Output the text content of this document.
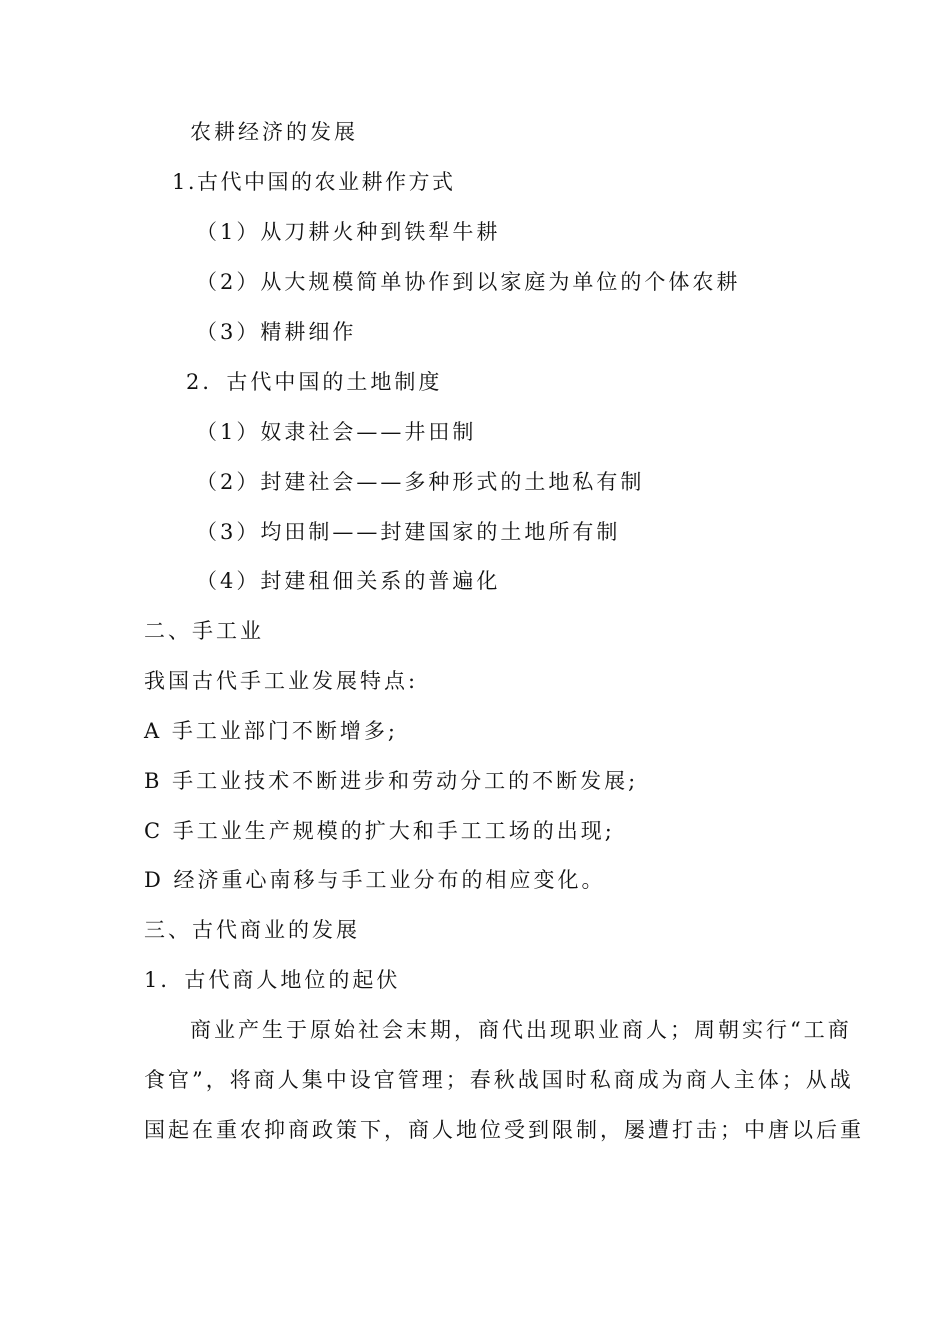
农耕经济的发展
1.古代中国的农业耕作方式
（1）从刀耕火种到铁犁牛耕
（2）从大规模简单协作到以家庭为单位的个体农耕
（3）精耕细作
2．古代中国的土地制度
（1）奴隶社会——井田制
（2）封建社会——多种形式的土地私有制
（3）均田制——封建国家的土地所有制
（4）封建租佃关系的普遍化
二、手工业
我国古代手工业发展特点:
A 手工业部门不断增多;
B 手工业技术不断进步和劳动分工的不断发展;
C 手工业生产规模的扩大和手工工场的出现;
D 经济重心南移与手工业分布的相应变化。
三、古代商业的发展
1．古代商人地位的起伏
商业产生于原始社会末期，商代出现职业商人；周朝实行“工商
食官”，将商人集中设官管理；春秋战国时私商成为商人主体；从战
国起在重农抑商政策下，商人地位受到限制，屡遭打击；中唐以后重
